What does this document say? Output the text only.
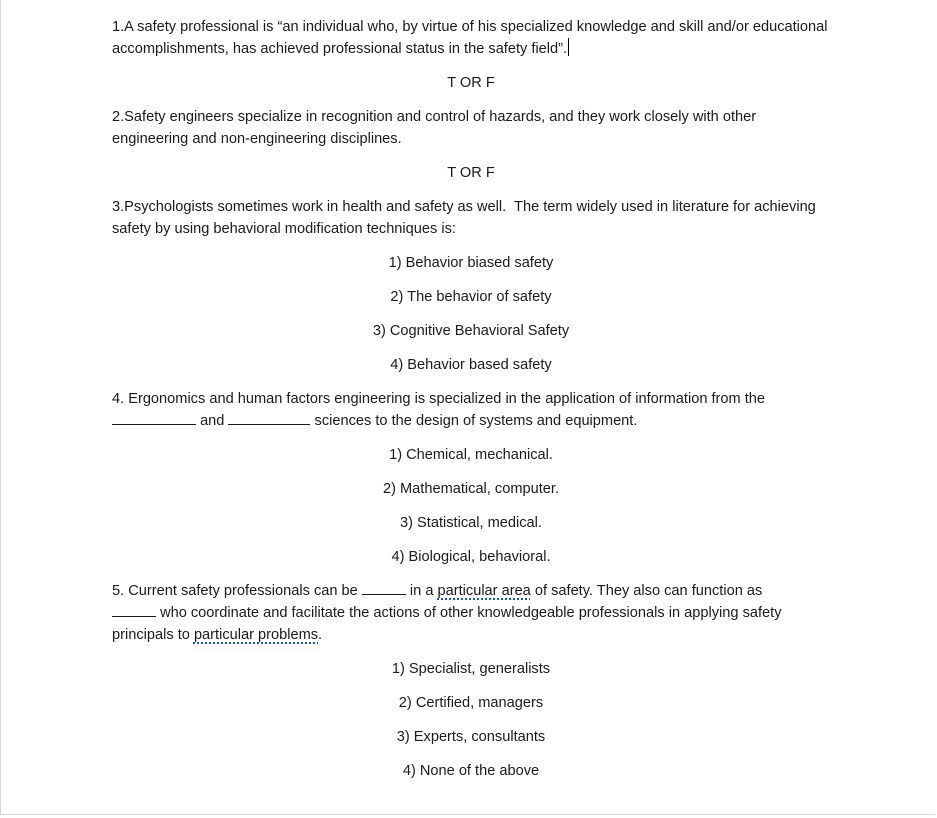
1.A safety professional is “an individual who, by virtue of his specialized knowledge and skill and/or educational accomplishments, has achieved professional status in the safety field”.

T OR F

2.Safety engineers specialize in recognition and control of hazards, and they work closely with other engineering and non-engineering disciplines.

T OR F

3.Psychologists sometimes work in health and safety as well.  The term widely used in literature for achieving safety by using behavioral modification techniques is:

1) Behavior biased safety
2) The behavior of safety
3) Cognitive Behavioral Safety
4) Behavior based safety

4. Ergonomics and human factors engineering is specialized in the application of information from the
and	sciences to the design of systems and equipment.

1) Chemical, mechanical.
2) Mathematical, computer.
3) Statistical, medical.
4) Biological, behavioral.

5. Current safety professionals can be	in a particular area of safety. They also can function as
who coordinate and facilitate the actions of other knowledgeable professionals in applying safety principals to particular problems.

1) Specialist, generalists
2) Certified, managers
3) Experts, consultants
4) None of the above
